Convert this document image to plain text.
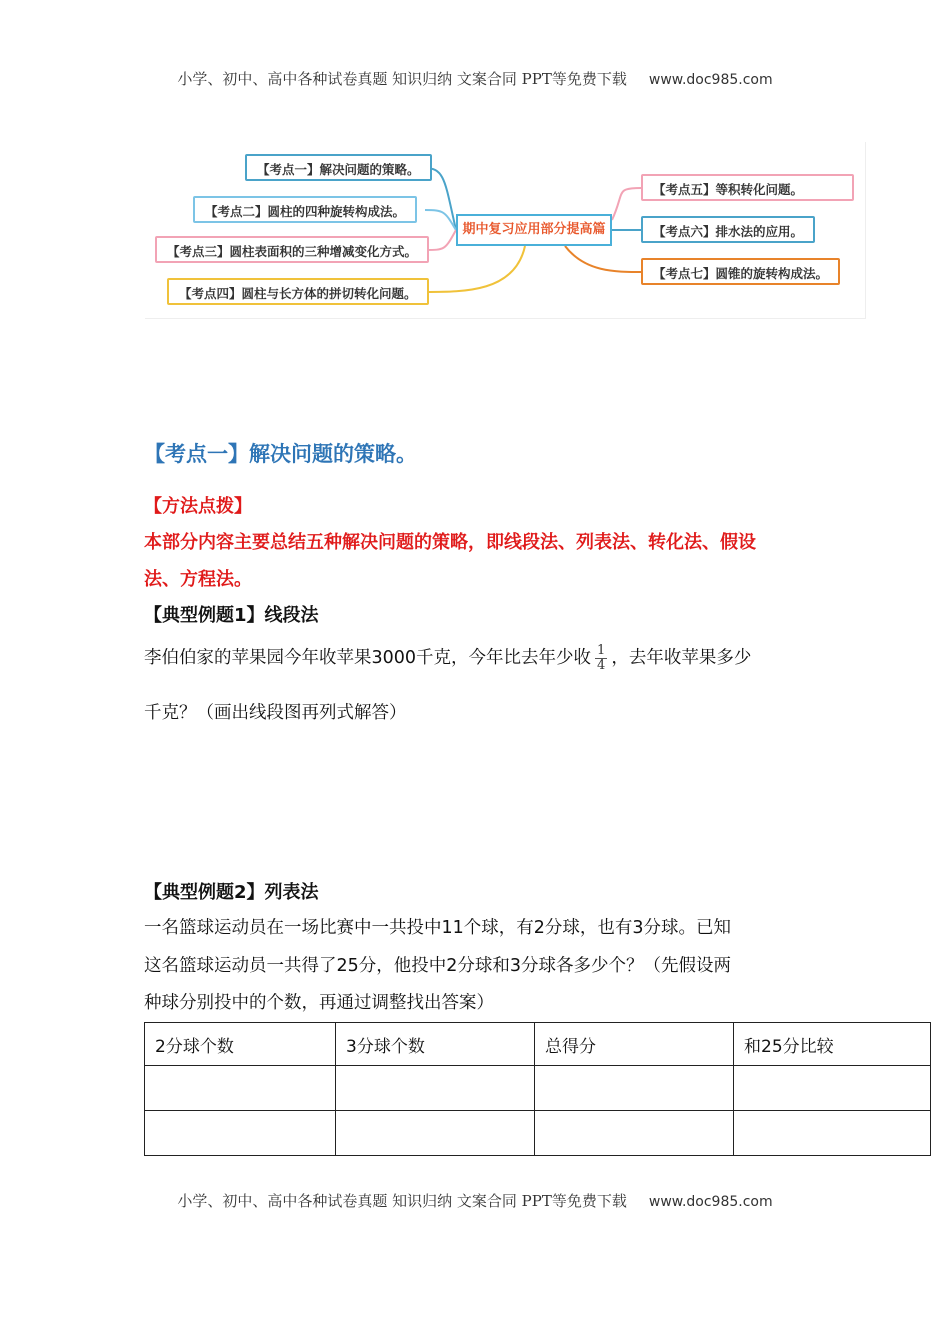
小学、初中、高中各种试卷真题 知识归纳 文案合同 PPT等免费下载 www.doc985.com
期中复习应用部分提高篇
【考点一】解决问题的策略。
【考点二】圆柱的四种旋转构成法。
【考点三】圆柱表面积的三种增减变化方式。
【考点四】圆柱与长方体的拼切转化问题。
【考点五】等积转化问题。
【考点六】排水法的应用。
【考点七】圆锥的旋转构成法。
【考点一】解决问题的策略。
【方法点拨】
本部分内容主要总结五种解决问题的策略，即线段法、列表法、转化法、假设
法、方程法。
【典型例题1】线段法
李伯伯家的苹果园今年收苹果3000千克，今年比去年少收 $\frac{1}{4}$ ，去年收苹果多少
千克？（画出线段图再列式解答）
【典型例题2】列表法
一名篮球运动员在一场比赛中一共投中11个球，有2分球，也有3分球。已知
这名篮球运动员一共得了25分，他投中2分球和3分球各多少个？（先假设两
种球分别投中的个数，再通过调整找出答案）
2分球个数	3分球个数	总得分	和25分比较

小学、初中、高中各种试卷真题 知识归纳 文案合同 PPT等免费下载 www.doc985.com
